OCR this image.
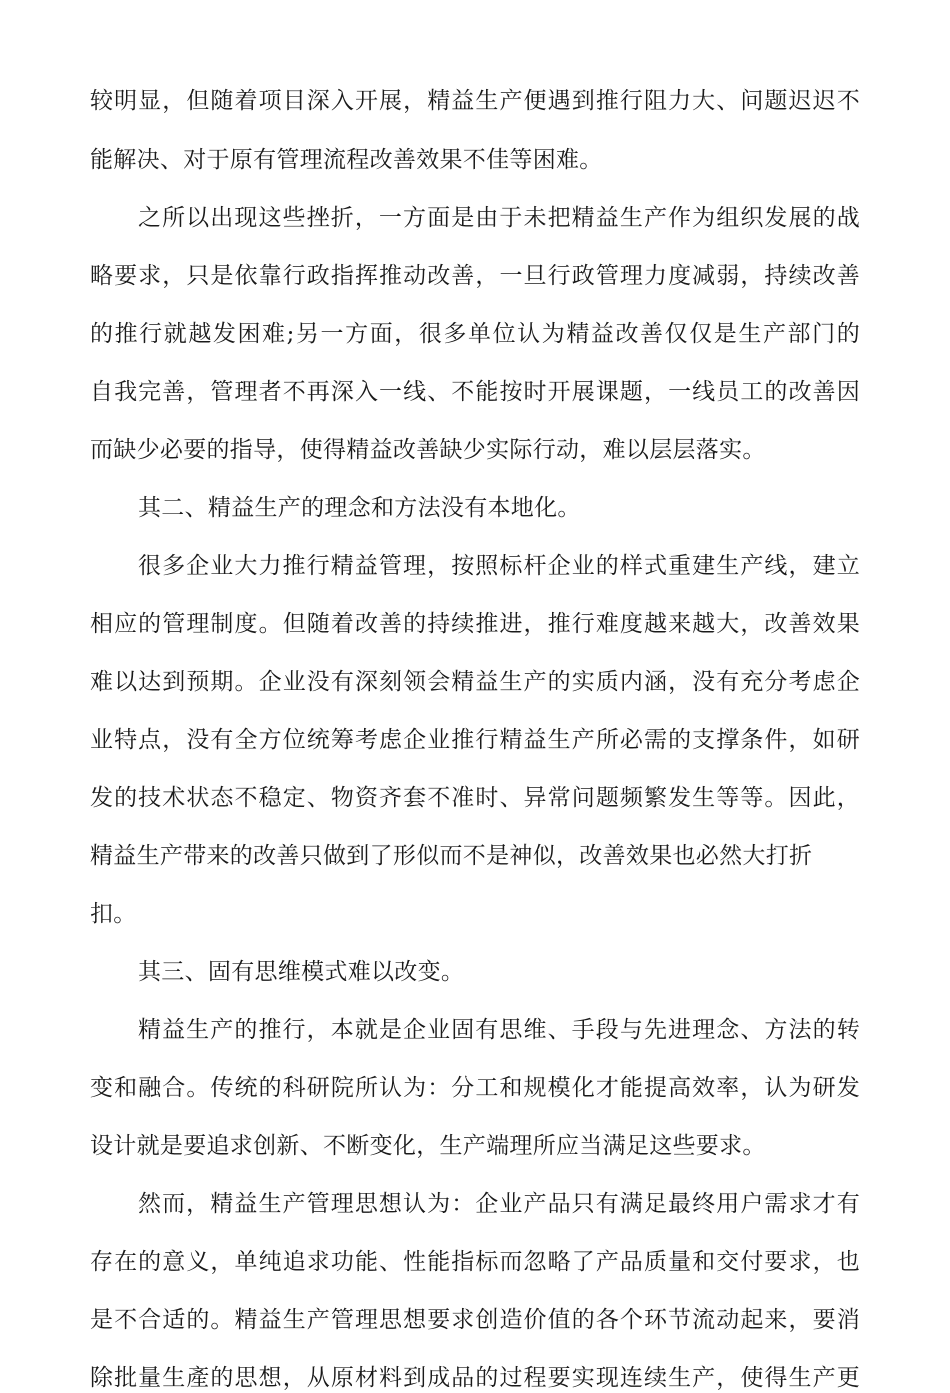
较明显，但随着项目深入开展，精益生产便遇到推行阻力大、问题迟迟不
能解决、对于原有管理流程改善效果不佳等困难。
之所以出现这些挫折，一方面是由于未把精益生产作为组织发展的战
略要求，只是依靠行政指挥推动改善，一旦行政管理力度减弱，持续改善
的推行就越发困难;另一方面，很多单位认为精益改善仅仅是生产部门的
自我完善，管理者不再深入一线、不能按时开展课题，一线员工的改善因
而缺少必要的指导，使得精益改善缺少实际行动，难以层层落实。
其二、精益生产的理念和方法没有本地化。
很多企业大力推行精益管理，按照标杆企业的样式重建生产线，建立
相应的管理制度。但随着改善的持续推进，推行难度越来越大，改善效果
难以达到预期。企业没有深刻领会精益生产的实质内涵，没有充分考虑企
业特点，没有全方位统筹考虑企业推行精益生产所必需的支撑条件，如研
发的技术状态不稳定、物资齐套不准时、异常问题频繁发生等等。因此，
精益生产带来的改善只做到了形似而不是神似，改善效果也必然大打折
扣。
其三、固有思维模式难以改变。
精益生产的推行，本就是企业固有思维、手段与先进理念、方法的转
变和融合。传统的科研院所认为：分工和规模化才能提高效率，认为研发
设计就是要追求创新、不断变化，生产端理所应当满足这些要求。
然而，精益生产管理思想认为：企业产品只有满足最终用户需求才有
存在的意义，单纯追求功能、性能指标而忽略了产品质量和交付要求，也
是不合适的。精益生产管理思想要求创造价值的各个环节流动起来，要消
除批量生產的思想，从原材料到成品的过程要实现连续生产，使得生产更
